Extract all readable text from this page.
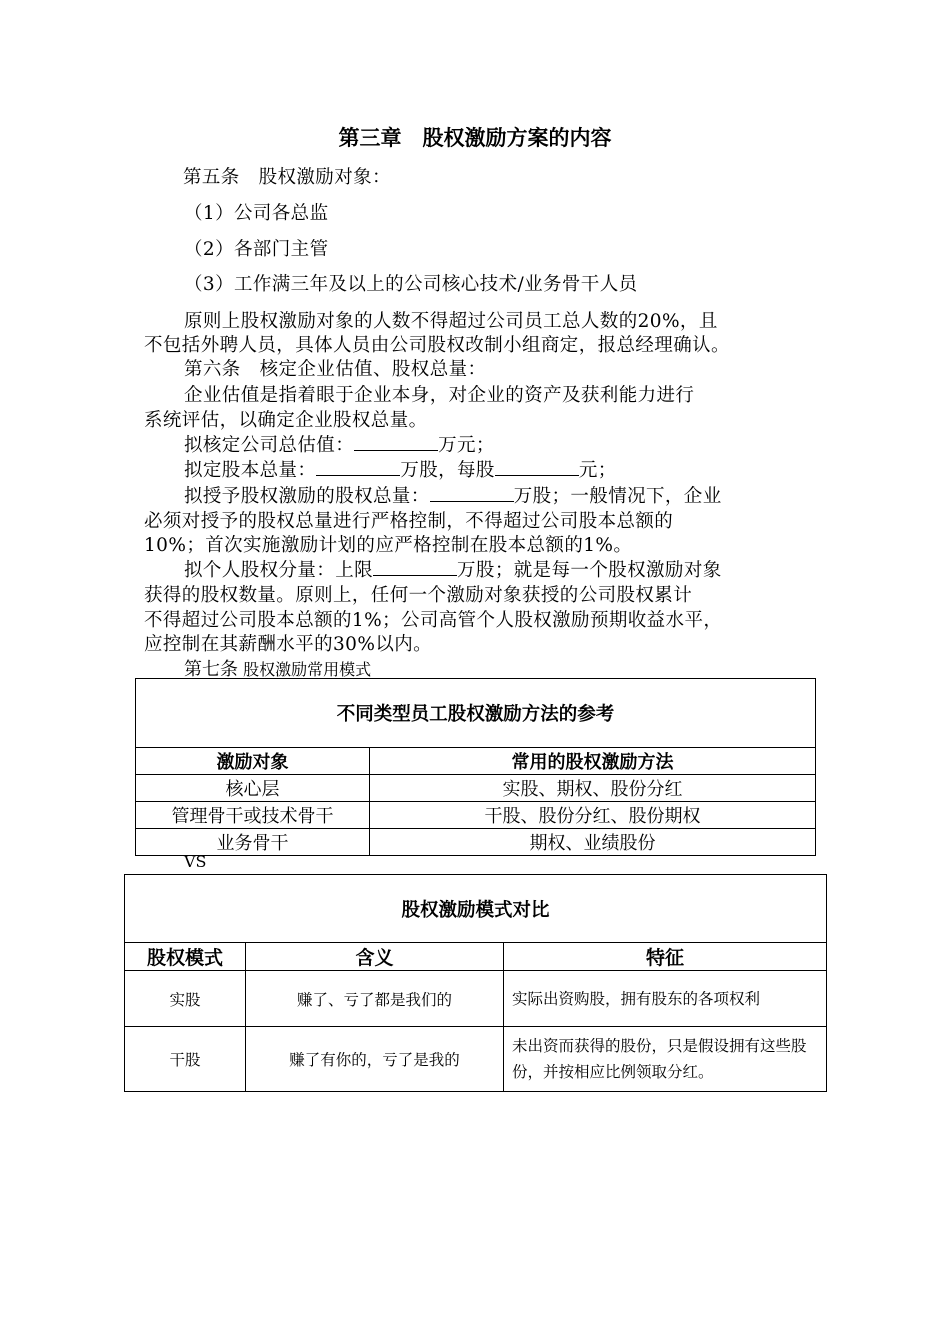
第三章　股权激励方案的内容
第五条　股权激励对象：
（1）公司各总监
（2）各部门主管
（3）工作满三年及以上的公司核心技术/业务骨干人员
原则上股权激励对象的人数不得超过公司员工总人数的20%，且
不包括外聘人员，具体人员由公司股权改制小组商定，报总经理确认。
第六条　核定企业估值、股权总量：
企业估值是指着眼于企业本身，对企业的资产及获利能力进行
系统评估，以确定企业股权总量。
拟核定公司总估值：	万元；
拟定股本总量：	万股，每股	元；
拟授予股权激励的股权总量：	万股；一般情况下，企业
必须对授予的股权总量进行严格控制，不得超过公司股本总额的
10%；首次实施激励计划的应严格控制在股本总额的1%。
拟个人股权分量：上限	万股；就是每一个股权激励对象
获得的股权数量。原则上，任何一个激励对象获授的公司股权累计
不得超过公司股本总额的1%；公司高管个人股权激励预期收益水平，
应控制在其薪酬水平的30%以内。
第七条 股权激励常用模式
不同类型员工股权激励方法的参考	
激励对象	常用的股权激励方法
核心层	实股、期权、股份分红
管理骨干或技术骨干	干股、股份分红、股份期权
业务骨干	期权、业绩股份
VS
股权激励模式对比		
股权模式	含义	特征
实股	赚了、亏了都是我们的	实际出资购股，拥有股东的各项权利
干股	赚了有你的，亏了是我的	未出资而获得的股份，只是假设拥有这些股份，并按相应比例领取分红。
